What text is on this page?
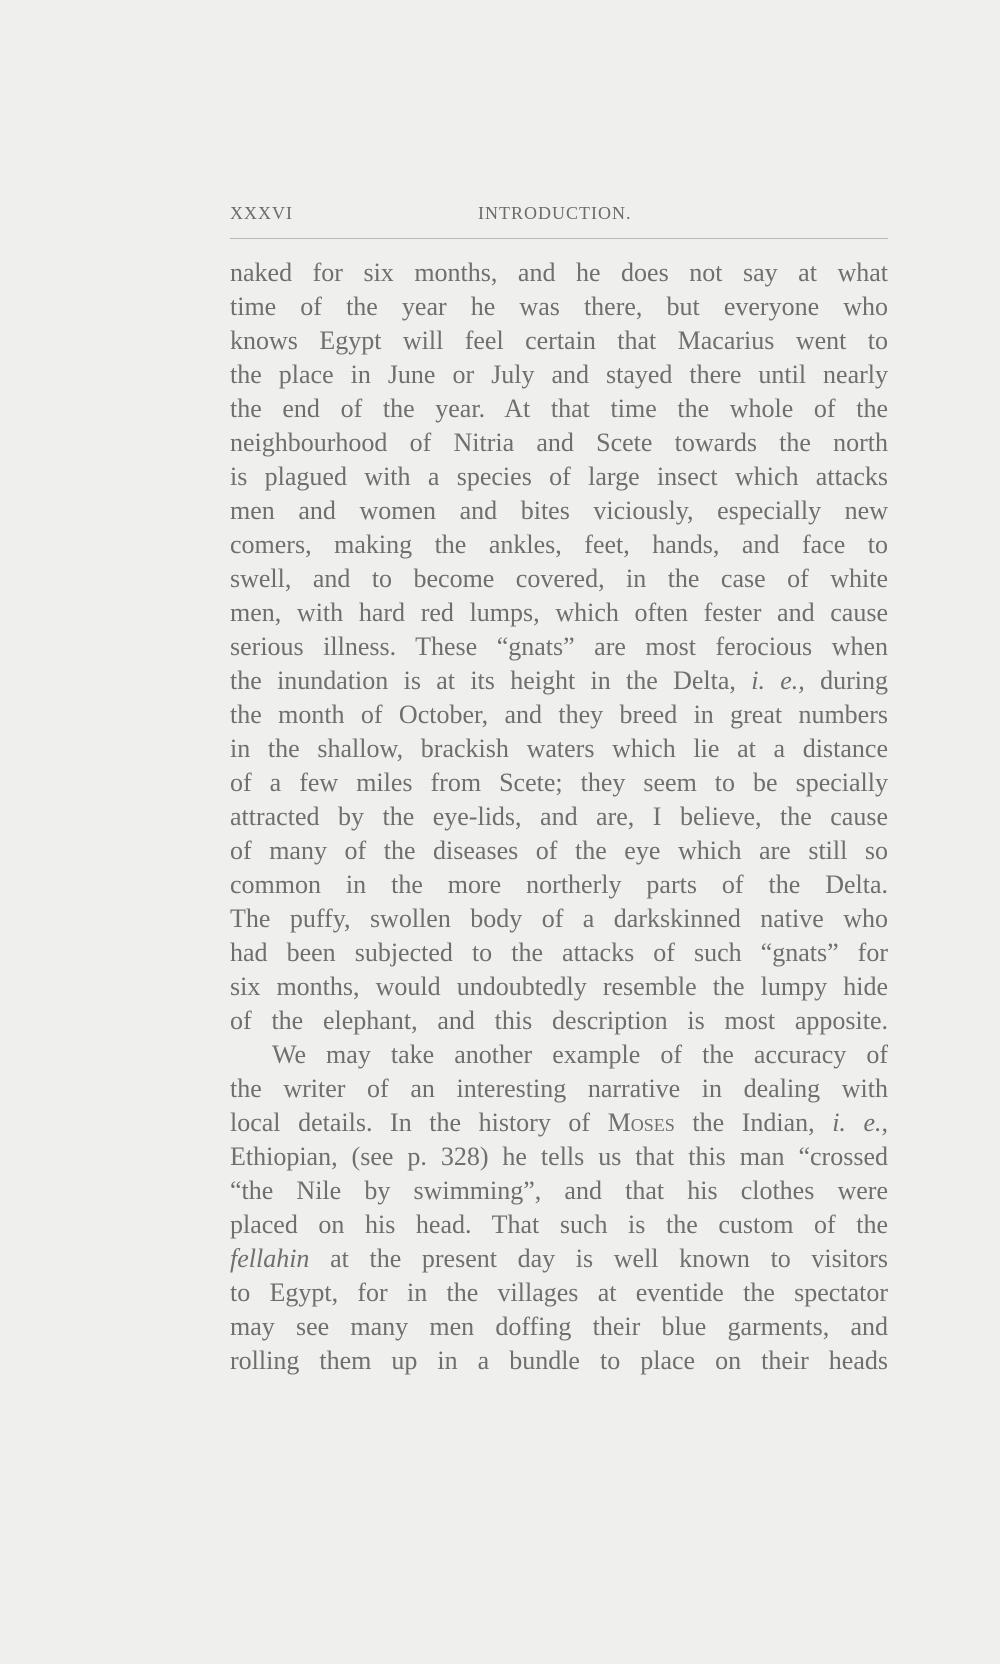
XXXVI	INTRODUCTION.
naked for six months, and he does not say at what
time of the year he was there, but everyone who
knows Egypt will feel certain that Macarius went to
the place in June or July and stayed there until nearly
the end of the year. At that time the whole of the
neighbourhood of Nitria and Scete towards the north
is plagued with a species of large insect which attacks
men and women and bites viciously, especially new
comers, making the ankles, feet, hands, and face to
swell, and to become covered, in the case of white
men, with hard red lumps, which often fester and cause
serious illness. These “gnats” are most ferocious when
the inundation is at its height in the Delta, i. e., during
the month of October, and they breed in great numbers
in the shallow, brackish waters which lie at a distance
of a few miles from Scete; they seem to be specially
attracted by the eye-lids, and are, I believe, the cause
of many of the diseases of the eye which are still so
common in the more northerly parts of the Delta.
The puffy, swollen body of a darkskinned native who
had been subjected to the attacks of such “gnats” for
six months, would undoubtedly resemble the lumpy hide
of the elephant, and this description is most apposite.
We may take another example of the accuracy of
the writer of an interesting narrative in dealing with
local details. In the history of Moses the Indian, i. e.,
Ethiopian, (see p. 328) he tells us that this man “crossed
“the Nile by swimming”, and that his clothes were
placed on his head. That such is the custom of the
fellahin at the present day is well known to visitors
to Egypt, for in the villages at eventide the spectator
may see many men doffing their blue garments, and
rolling them up in a bundle to place on their heads
